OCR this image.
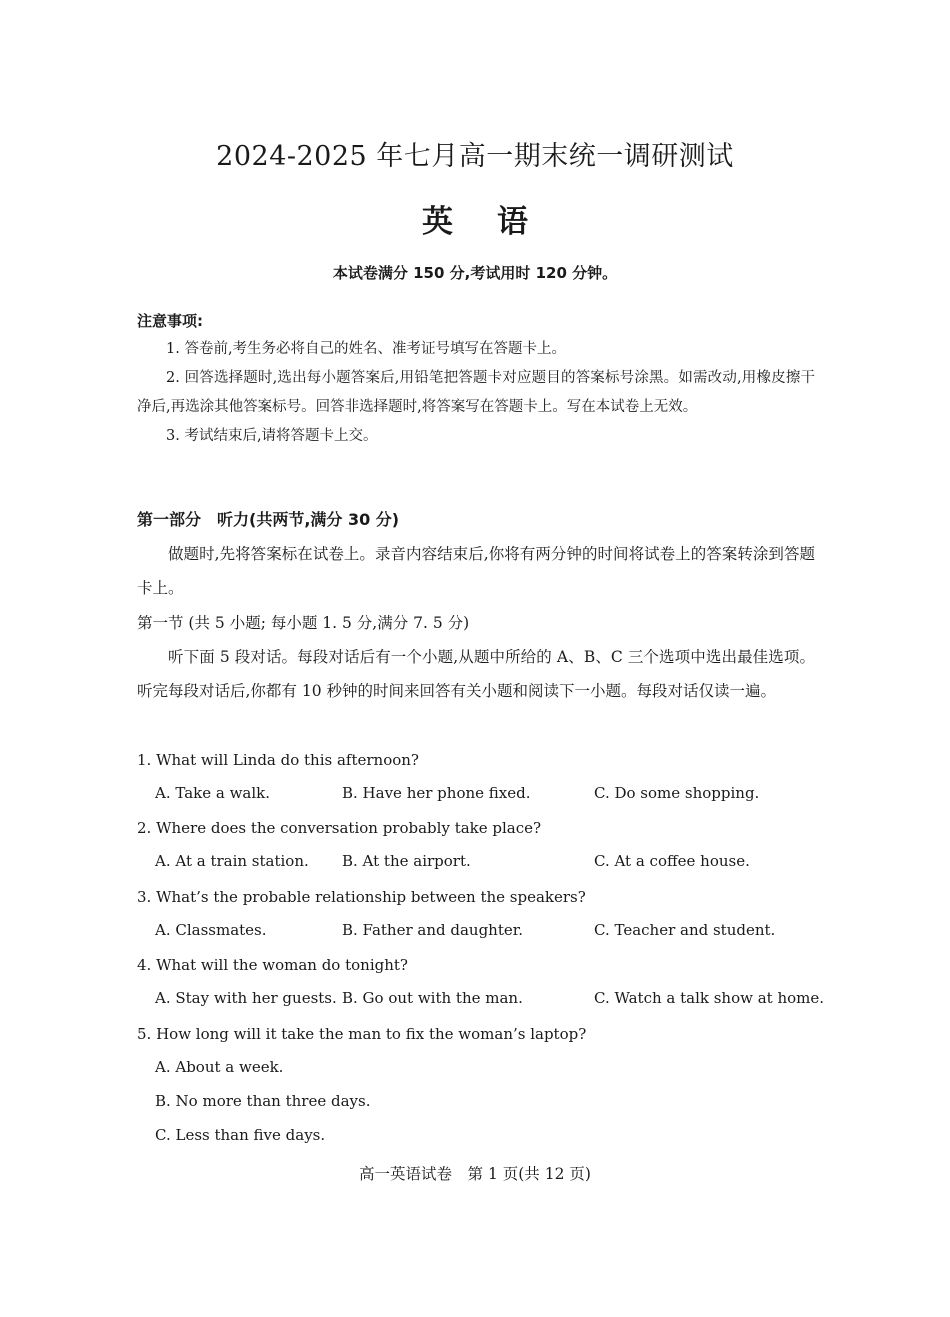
2024-2025 年七月高一期末统一调研测试
英 语
本试卷满分 150 分,考试用时 120 分钟。
注意事项:

1. 答卷前,考生务必将自己的姓名、准考证号填写在答题卡上。

2. 回答选择题时,选出每小题答案后,用铅笔把答题卡对应题目的答案标号涂黑。如需改动,用橡皮擦干净后,再选涂其他答案标号。回答非选择题时,将答案写在答题卡上。写在本试卷上无效。

3. 考试结束后,请将答题卡上交。

第一部分　听力(共两节,满分 30 分)
做题时,先将答案标在试卷上。录音内容结束后,你将有两分钟的时间将试卷上的答案转涂到答题卡上。
第一节 (共 5 小题; 每小题 1. 5 分,满分 7. 5 分)
听下面 5 段对话。每段对话后有一个小题,从题中所给的 A、B、C 三个选项中选出最佳选项。听完每段对话后,你都有 10 秒钟的时间来回答有关小题和阅读下一小题。每段对话仅读一遍。
1. What will Linda do this afternoon?
A. Take a walk.	B. Have her phone fixed.	C. Do some shopping.
2. Where does the conversation probably take place?
A. At a train station. B. At the airport.	C. At a coffee house.
3. What’s the probable relationship between the speakers?
A. Classmates.	B. Father and daughter.	C. Teacher and student.
4. What will the woman do tonight?
A. Stay with her guests. B. Go out with the man.	C. Watch a talk show at home.
5. How long will it take the man to fix the woman’s laptop?
A. About a week.
B. No more than three days.
C. Less than five days.
高一英语试卷　第 1 页(共 12 页)
